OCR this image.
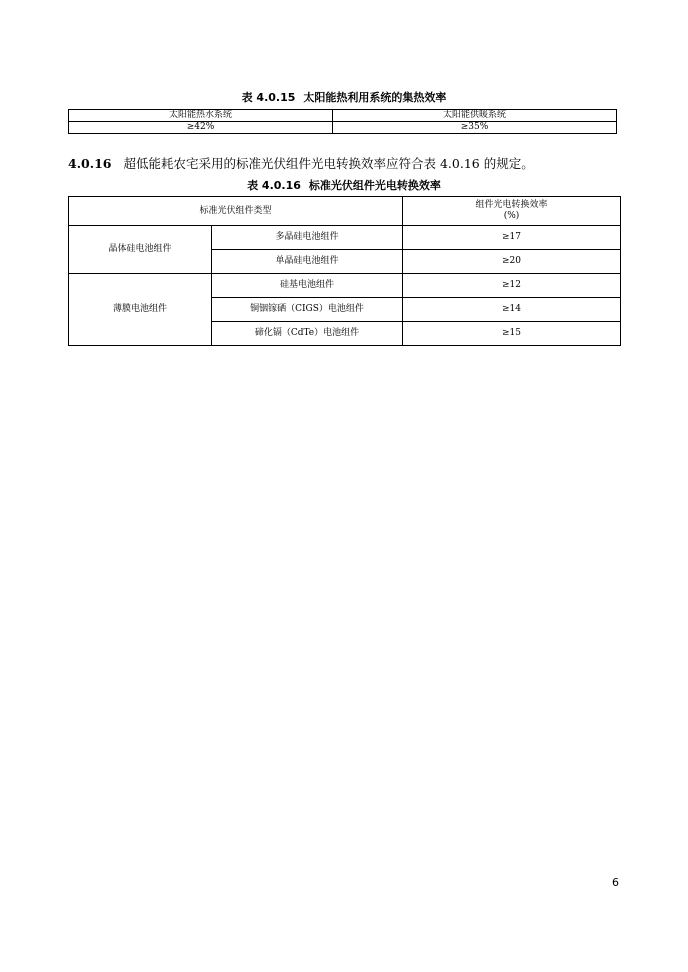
表 4.0.15 太阳能热利用系统的集热效率
太阳能热水系统	太阳能供暖系统
≥42%	≥35%
4.0.16 超低能耗农宅采用的标准光伏组件光电转换效率应符合表 4.0.16 的规定。
表 4.0.16 标准光伏组件光电转换效率
标准光伏组件类型		组件光电转换效率
(%)

晶体硅电池组件	多晶硅电池组件	≥17
	单晶硅电池组件	≥20
薄膜电池组件	硅基电池组件	≥12
	铜铟镓硒（CIGS）电池组件	≥14
	碲化镉（CdTe）电池组件	≥15
6
